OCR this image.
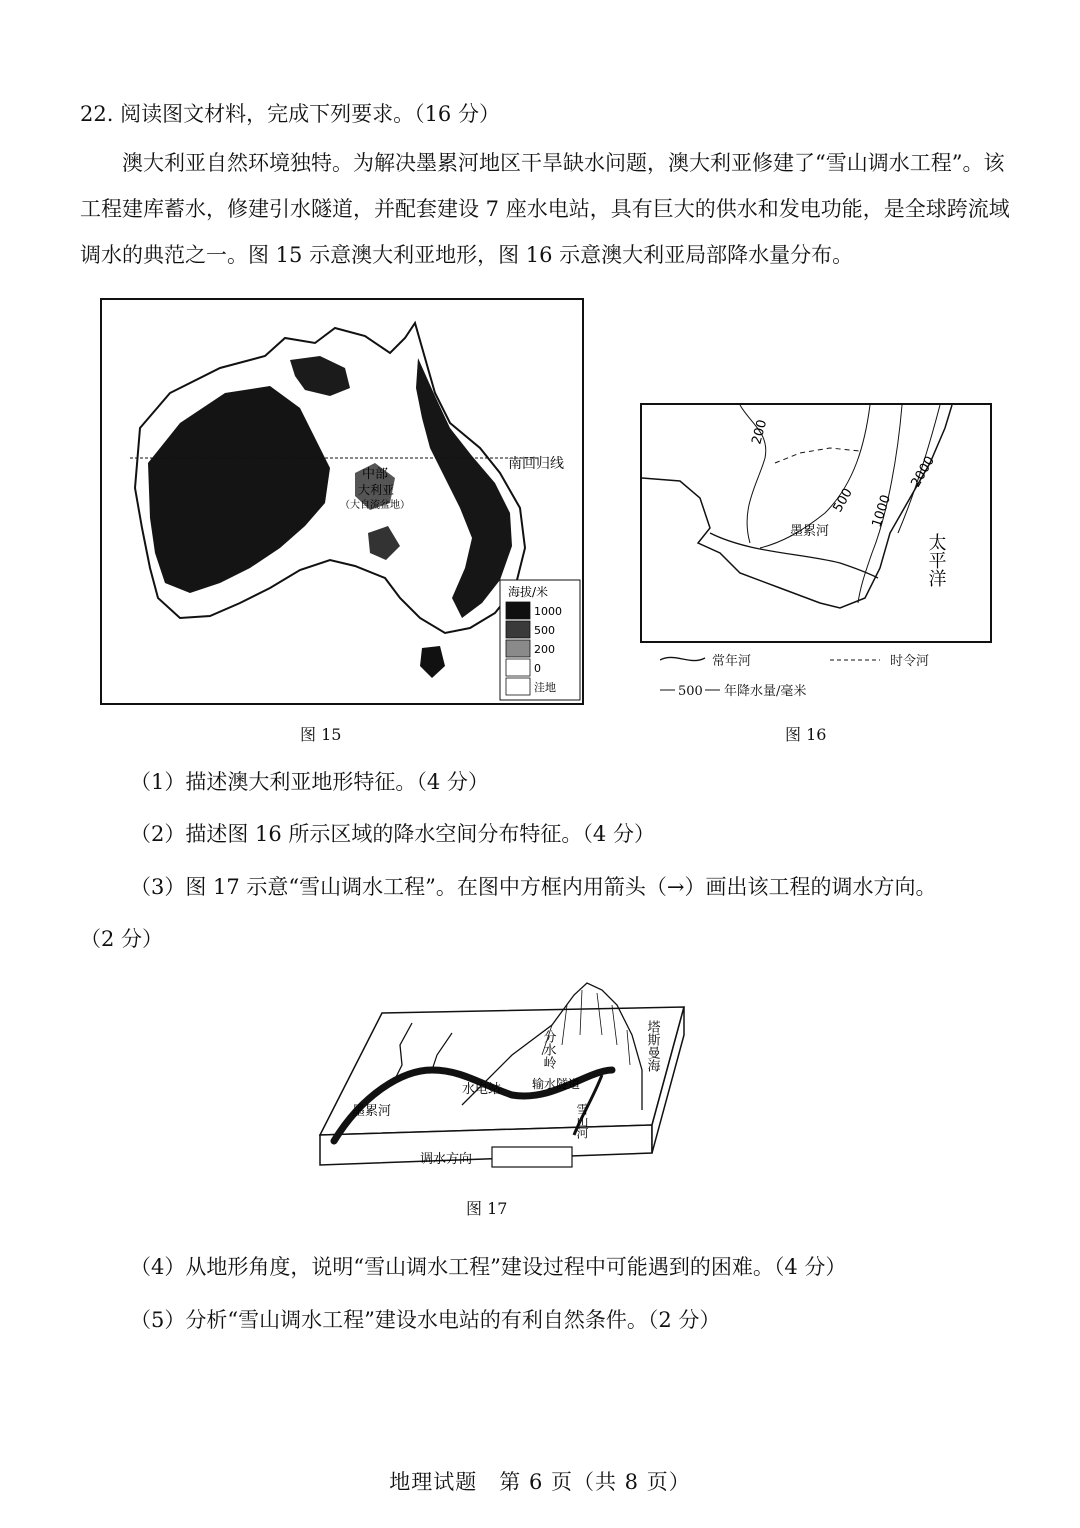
22. 阅读图文材料，完成下列要求。（16 分）
澳大利亚自然环境独特。为解决墨累河地区干旱缺水问题，澳大利亚修建了“雪山调水工程”。该工程建库蓄水，修建引水隧道，并配套建设 7 座水电站，具有巨大的供水和发电功能，是全球跨流域调水的典范之一。图 15 示意澳大利亚地形，图 16 示意澳大利亚局部降水量分布。
南回归线
中部
大利亚
（大自流盆地）
墨累河
海拔/米
1000
500
200
0
洼地
图 15
200
500 1000
2000
墨累河
太平洋
常年河	时令河
500 年降水量/毫米
图 16
（1）描述澳大利亚地形特征。（4 分）
（2）描述图 16 所示区域的降水空间分布特征。（4 分）
（3）图 17 示意“雪山调水工程”。在图中方框内用箭头（→）画出该工程的调水方向。
（2 分）
调水方向
水电站	输水隧道
分水岭
墨累河	雪山河
塔斯曼海
图 17
（4）从地形角度，说明“雪山调水工程”建设过程中可能遇到的困难。（4 分）
（5）分析“雪山调水工程”建设水电站的有利自然条件。（2 分）
地理试题　第 6 页（共 8 页）
